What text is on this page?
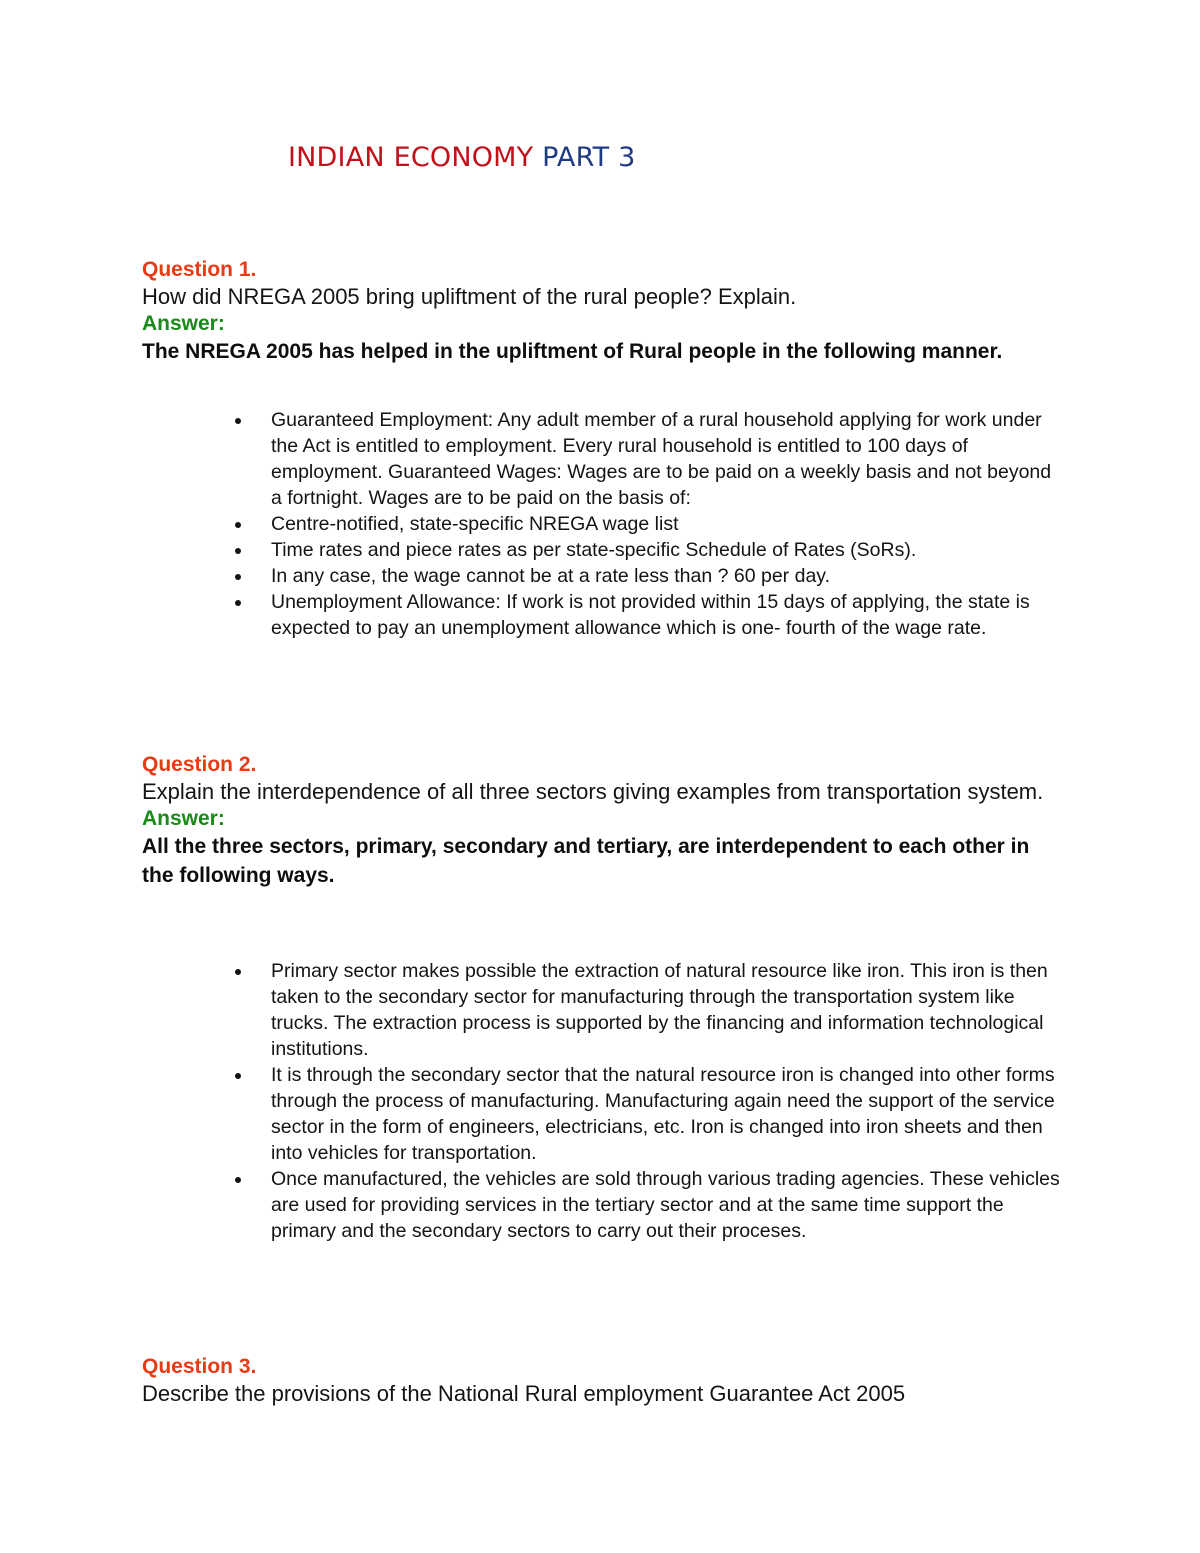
INDIAN ECONOMY PART 3

Question 1.

How did NREGA 2005 bring upliftment of the rural people? Explain.

Answer:

The NREGA 2005 has helped in the upliftment of Rural people in the following manner.

Guaranteed Employment: Any adult member of a rural household applying for work under the Act is entitled to employment. Every rural household is entitled to 100 days of employment. Guaranteed Wages: Wages are to be paid on a weekly basis and not beyond a fortnight. Wages are to be paid on the basis of:
Centre-notified, state-specific NREGA wage list
Time rates and piece rates as per state-specific Schedule of Rates (SoRs).
In any case, the wage cannot be at a rate less than ? 60 per day.
Unemployment Allowance: If work is not provided within 15 days of applying, the state is expected to pay an unemployment allowance which is one- fourth of the wage rate.

Question 2.

Explain the interdependence of all three sectors giving examples from transportation system.

Answer:

All the three sectors, primary, secondary and tertiary, are interdependent to each other in the following ways.

Primary sector makes possible the extraction of natural resource like iron. This iron is then taken to the secondary sector for manufacturing through the transportation system like trucks. The extraction process is supported by the financing and information technological institutions.
It is through the secondary sector that the natural resource iron is changed into other forms through the process of manufacturing. Manufacturing again need the support of the service sector in the form of engineers, electricians, etc. Iron is changed into iron sheets and then into vehicles for transportation.
Once manufactured, the vehicles are sold through various trading agencies. These vehicles are used for providing services in the tertiary sector and at the same time support the primary and the secondary sectors to carry out their proceses.

Question 3.

Describe the provisions of the National Rural employment Guarantee Act 2005
